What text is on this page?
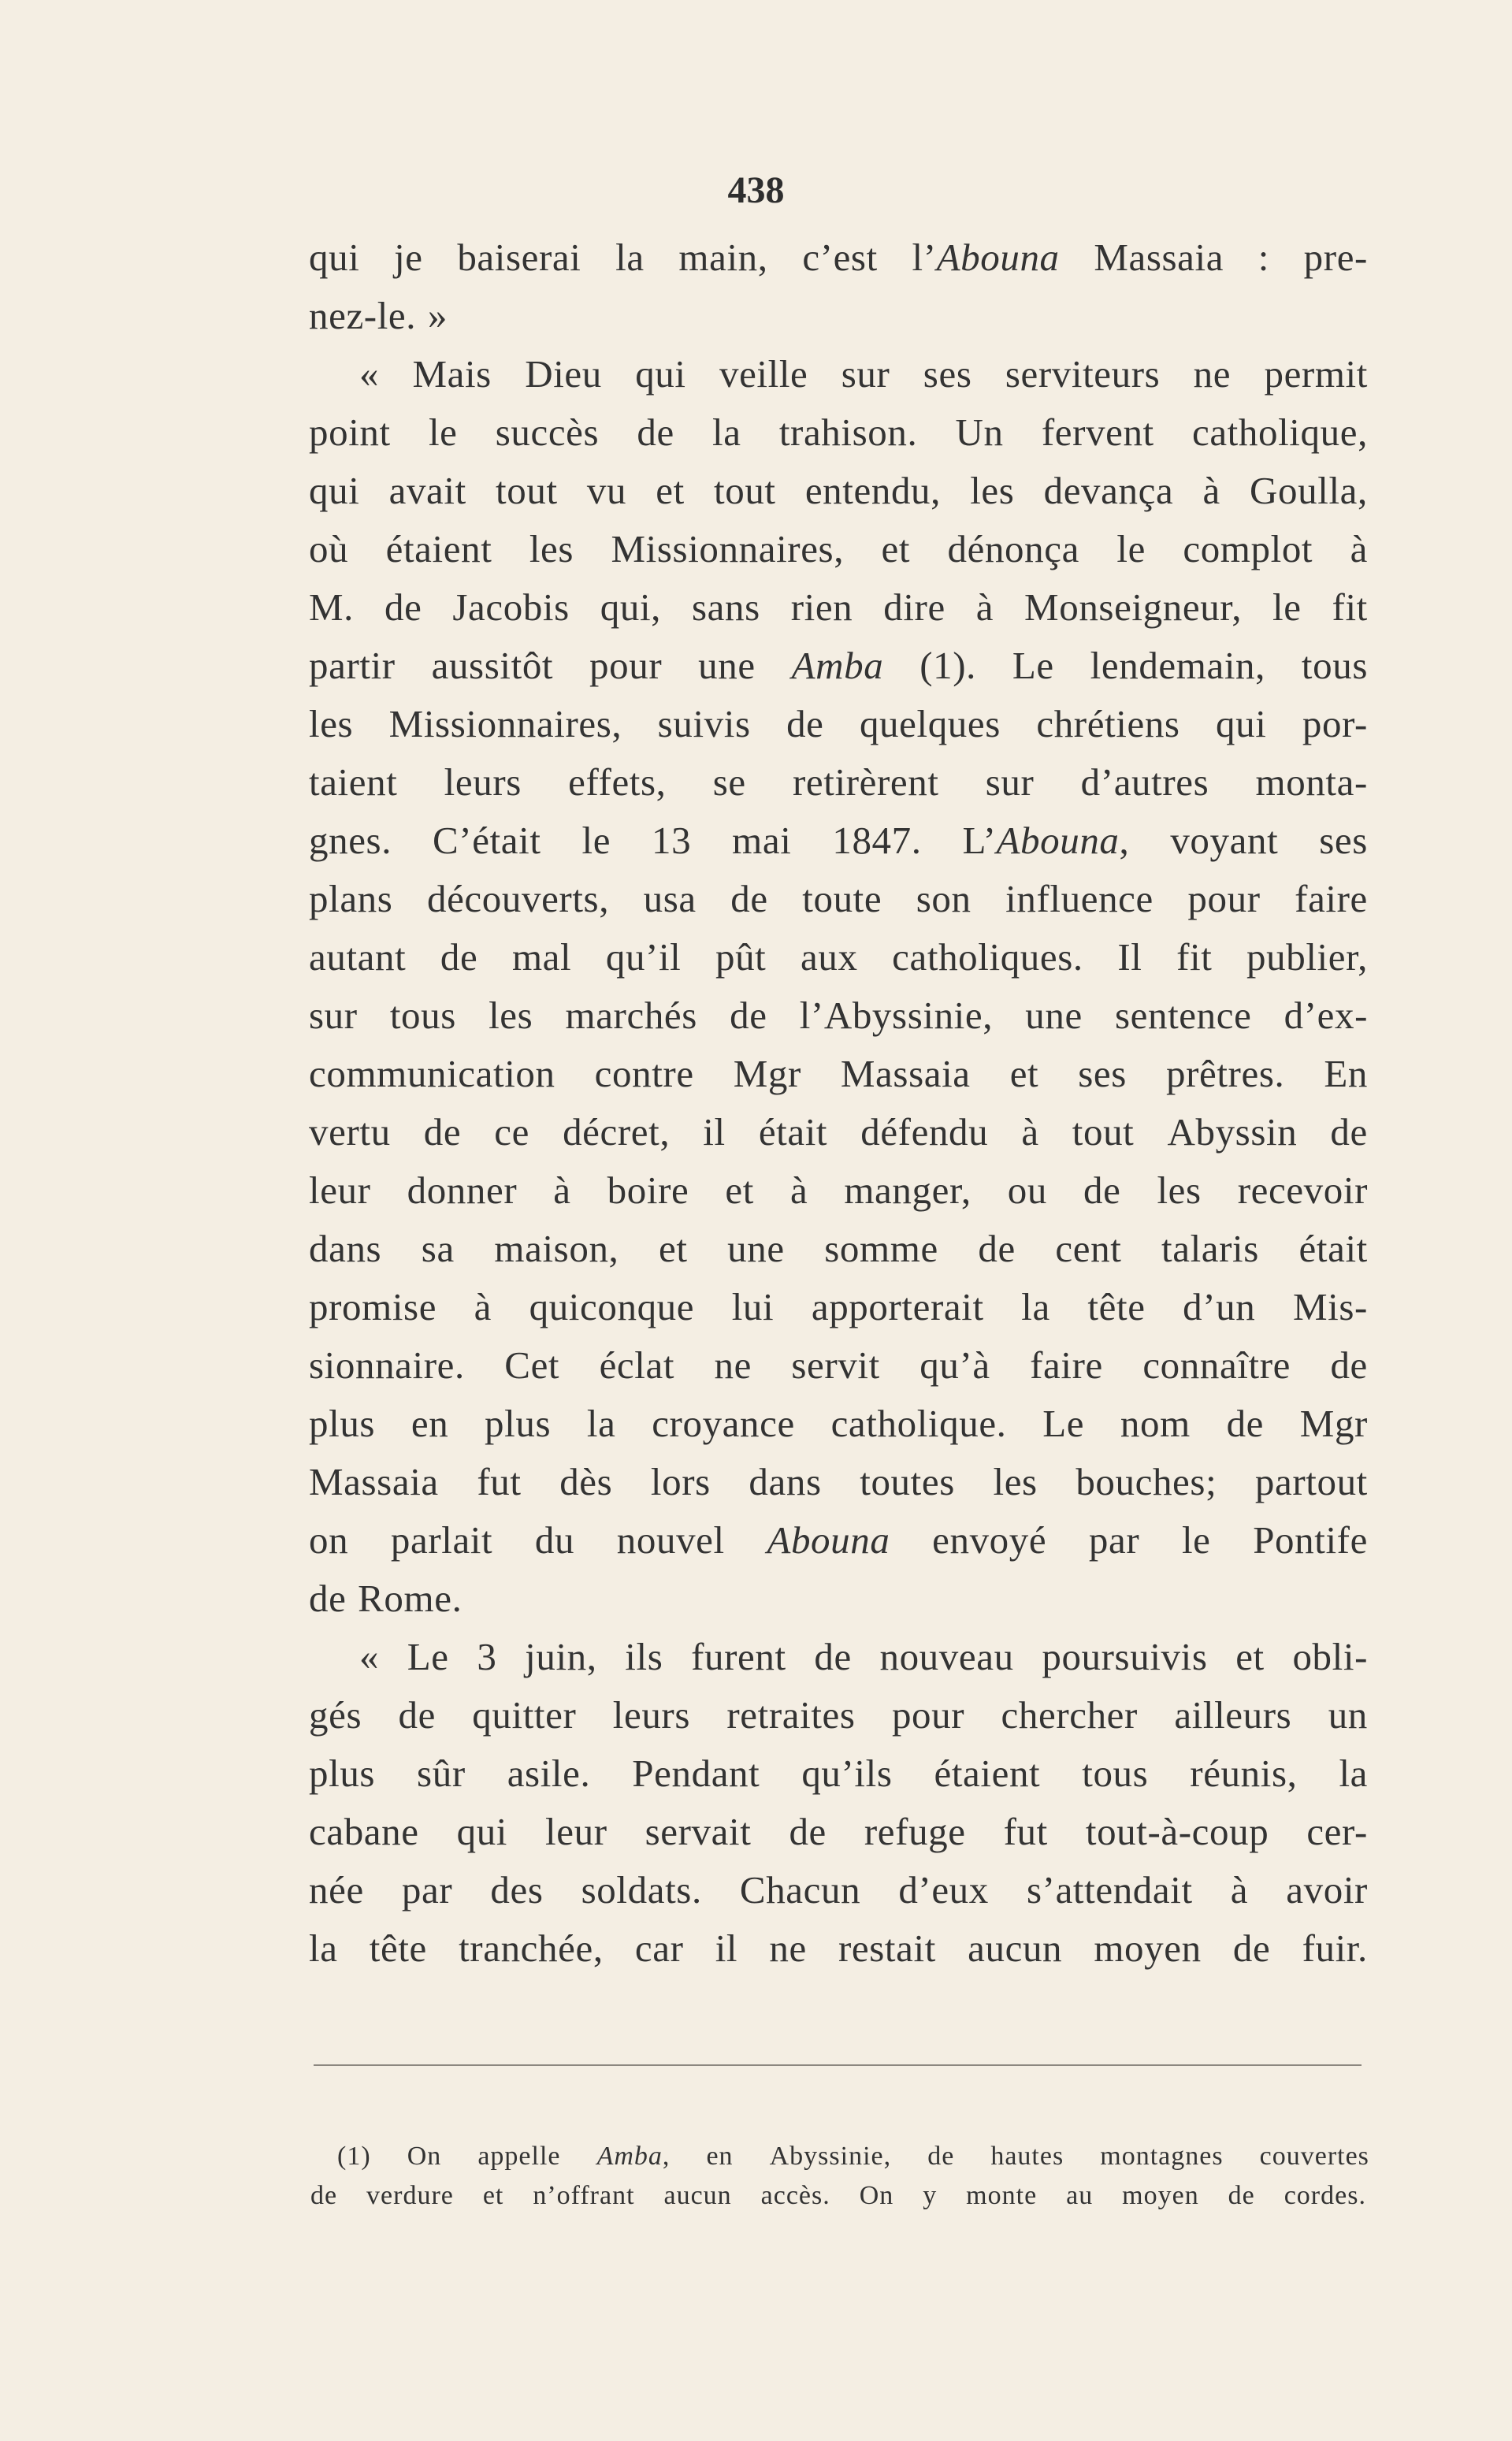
438
qui je baiserai la main, c’est l’Abouna Massaia : pre-
nez-le. »
« Mais Dieu qui veille sur ses serviteurs ne permit
point le succès de la trahison. Un fervent catholique,
qui avait tout vu et tout entendu, les devança à Goulla,
où étaient les Missionnaires, et dénonça le complot à
M. de Jacobis qui, sans rien dire à Monseigneur, le fit
partir aussitôt pour une Amba (1). Le lendemain, tous
les Missionnaires, suivis de quelques chrétiens qui por-
taient leurs effets, se retirèrent sur d’autres monta-
gnes. C’était le 13 mai 1847. L’Abouna, voyant ses
plans découverts, usa de toute son influence pour faire
autant de mal qu’il pût aux catholiques. Il fit publier,
sur tous les marchés de l’Abyssinie, une sentence d’ex-
communication contre Mgr Massaia et ses prêtres. En
vertu de ce décret, il était défendu à tout Abyssin de
leur donner à boire et à manger, ou de les recevoir
dans sa maison, et une somme de cent talaris était
promise à quiconque lui apporterait la tête d’un Mis-
sionnaire. Cet éclat ne servit qu’à faire connaître de
plus en plus la croyance catholique. Le nom de Mgr
Massaia fut dès lors dans toutes les bouches; partout
on parlait du nouvel Abouna envoyé par le Pontife
de Rome.
« Le 3 juin, ils furent de nouveau poursuivis et obli-
gés de quitter leurs retraites pour chercher ailleurs un
plus sûr asile. Pendant qu’ils étaient tous réunis, la
cabane qui leur servait de refuge fut tout-à-coup cer-
née par des soldats. Chacun d’eux s’attendait à avoir
la tête tranchée, car il ne restait aucun moyen de fuir.
(1) On appelle Amba, en Abyssinie, de hautes montagnes couvertes
de verdure et n’offrant aucun accès. On y monte au moyen de cordes.
